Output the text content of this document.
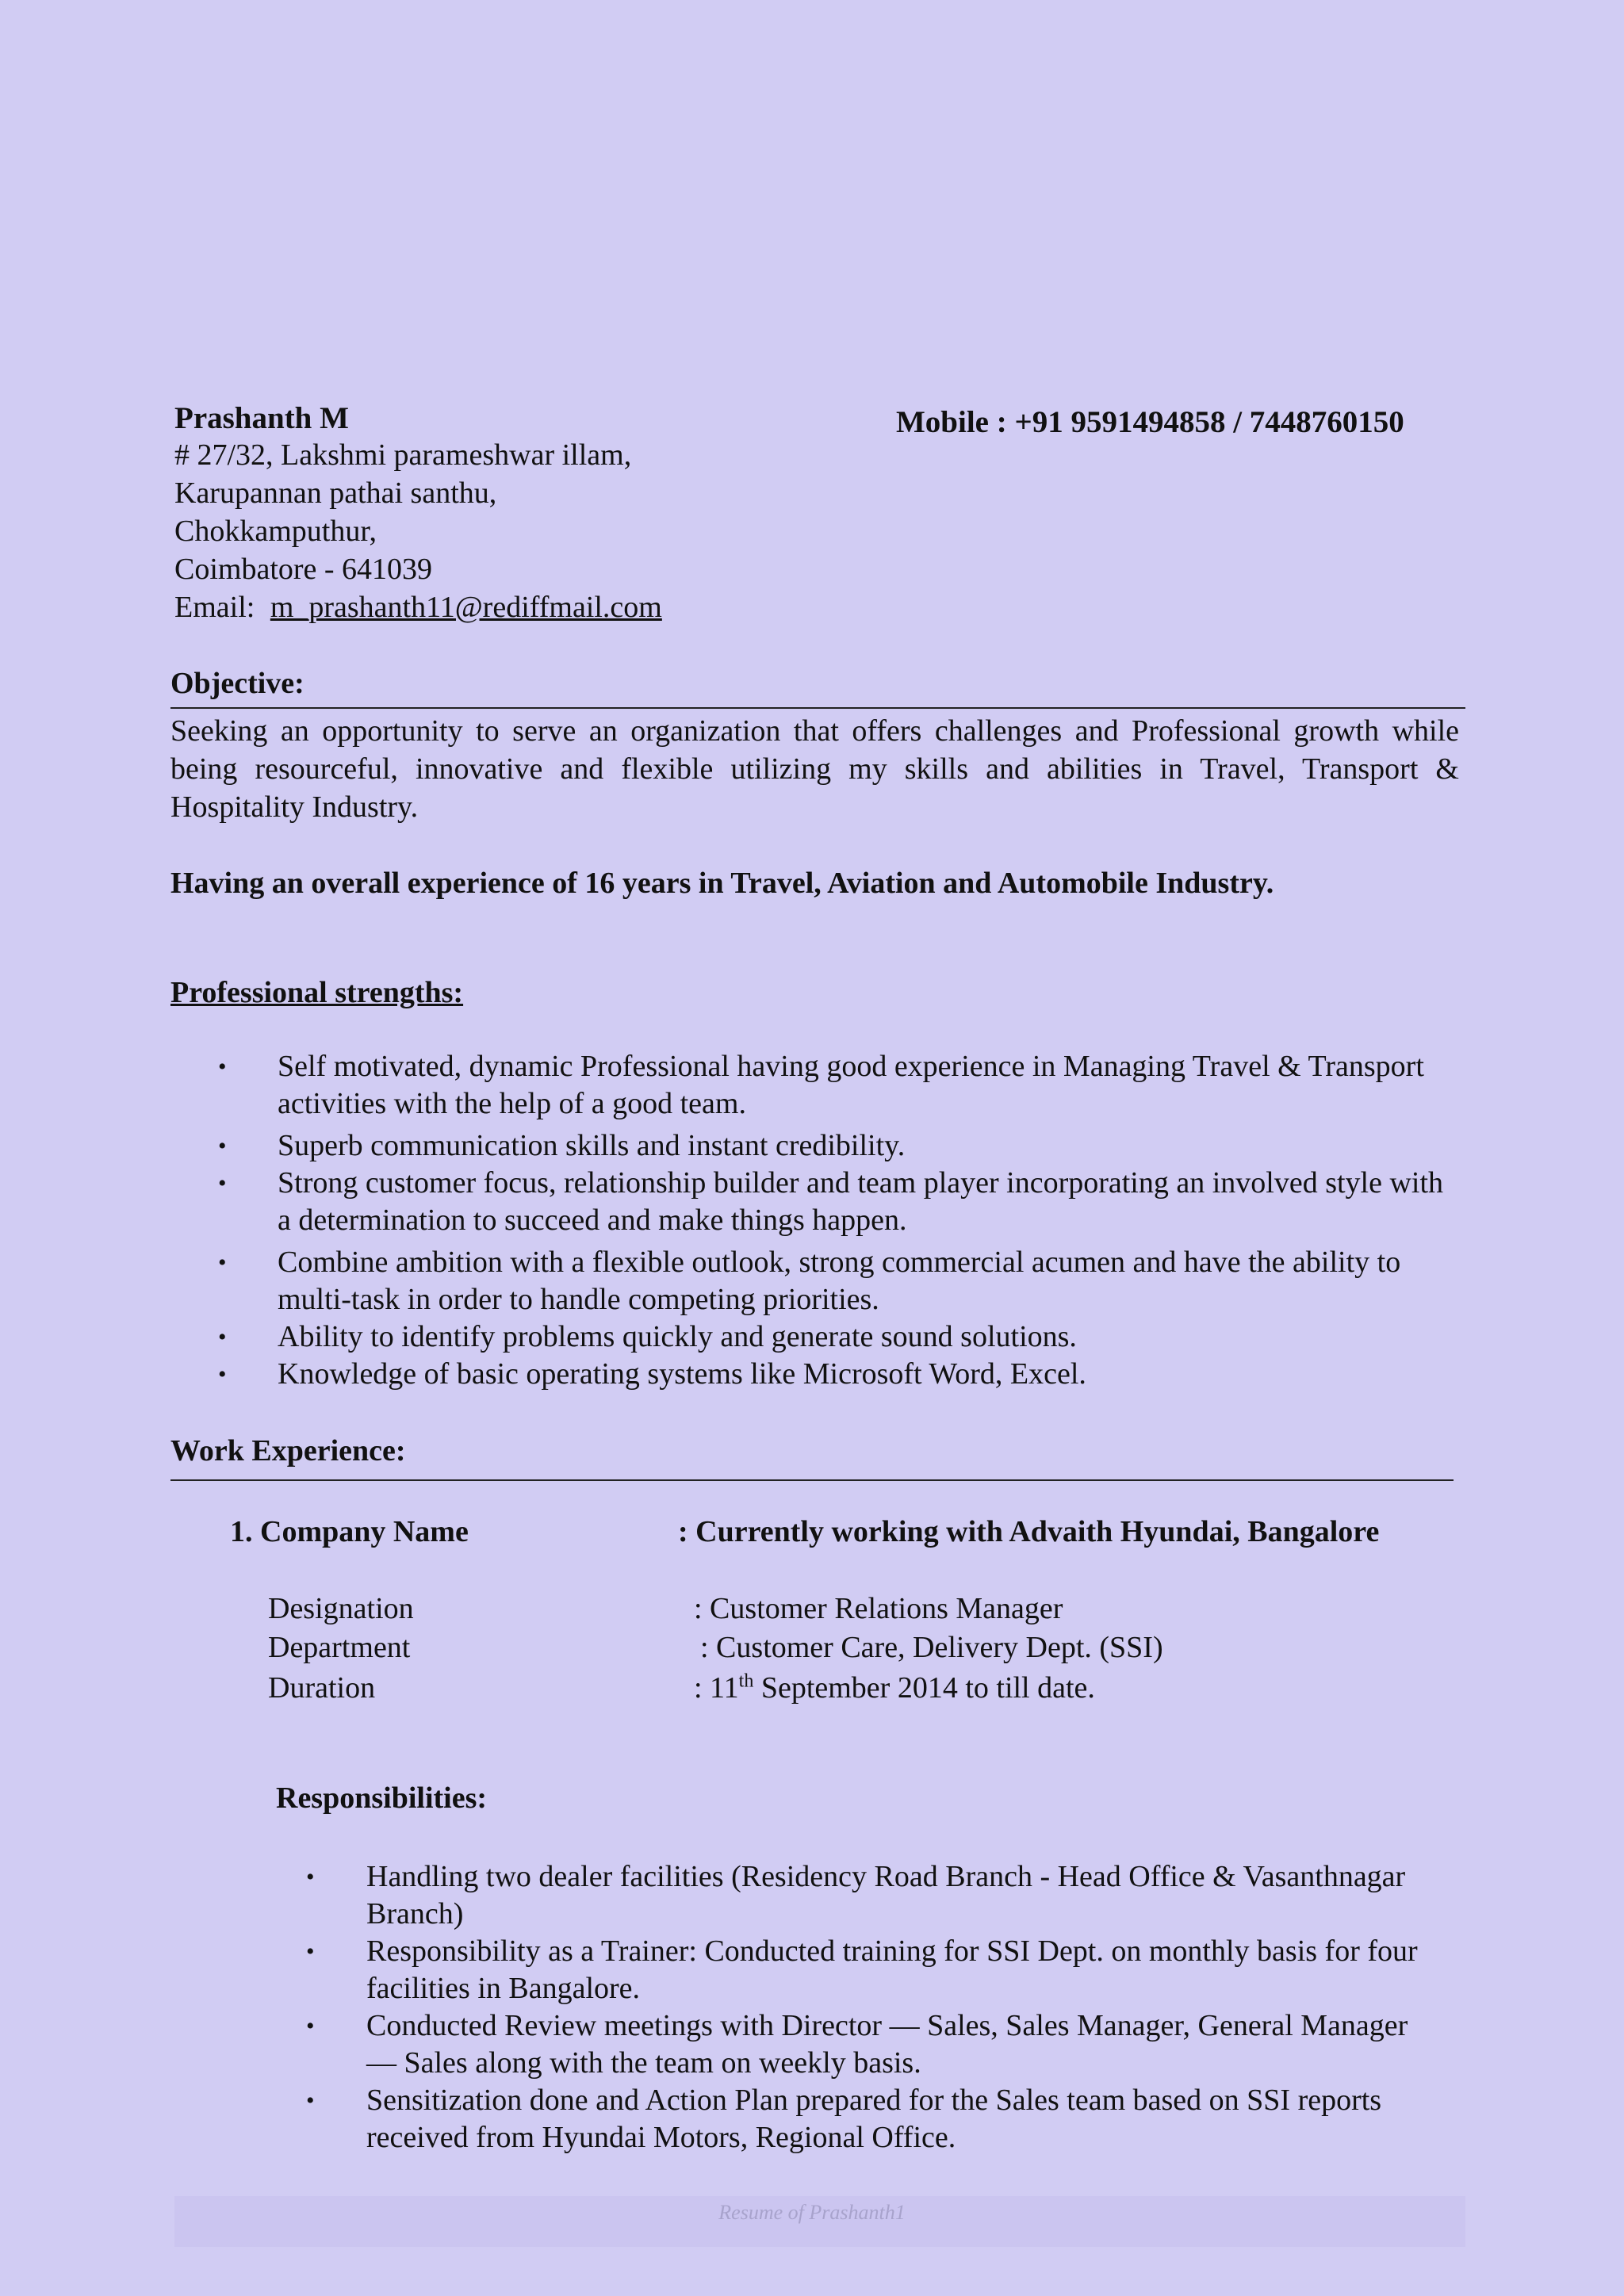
Prashanth M	Mobile : +91 9591494858 / 7448760150
# 27/32, Lakshmi parameshwar illam,
Karupannan pathai santhu,
Chokkamputhur,
Coimbatore - 641039
Email: m_prashanth11@rediffmail.com
Objective:
Seeking an opportunity to serve an organization that offers challenges and Professional growth while being resourceful, innovative and flexible utilizing my skills and abilities in Travel, Transport & Hospitality Industry.
Having an overall experience of 16 years in Travel, Aviation and Automobile Industry.
Professional strengths:
• Self motivated, dynamic Professional having good experience in Managing Travel & Transport activities with the help of a good team.
• Superb communication skills and instant credibility.
• Strong customer focus, relationship builder and team player incorporating an involved style with a determination to succeed and make things happen.
• Combine ambition with a flexible outlook, strong commercial acumen and have the ability to multi-task in order to handle competing priorities.
• Ability to identify problems quickly and generate sound solutions.
• Knowledge of basic operating systems like Microsoft Word, Excel.
Work Experience:
1. Company Name	: Currently working with Advaith Hyundai, Bangalore
Designation	: Customer Relations Manager
Department	: Customer Care, Delivery Dept. (SSI)
Duration	: 11th September 2014 to till date.
Responsibilities:
• Handling two dealer facilities (Residency Road Branch - Head Office & Vasanthnagar Branch)
• Responsibility as a Trainer: Conducted training for SSI Dept. on monthly basis for four facilities in Bangalore.
• Conducted Review meetings with Director — Sales, Sales Manager, General Manager — Sales along with the team on weekly basis.
• Sensitization done and Action Plan prepared for the Sales team based on SSI reports received from Hyundai Motors, Regional Office.
Resume of Prashanth1
